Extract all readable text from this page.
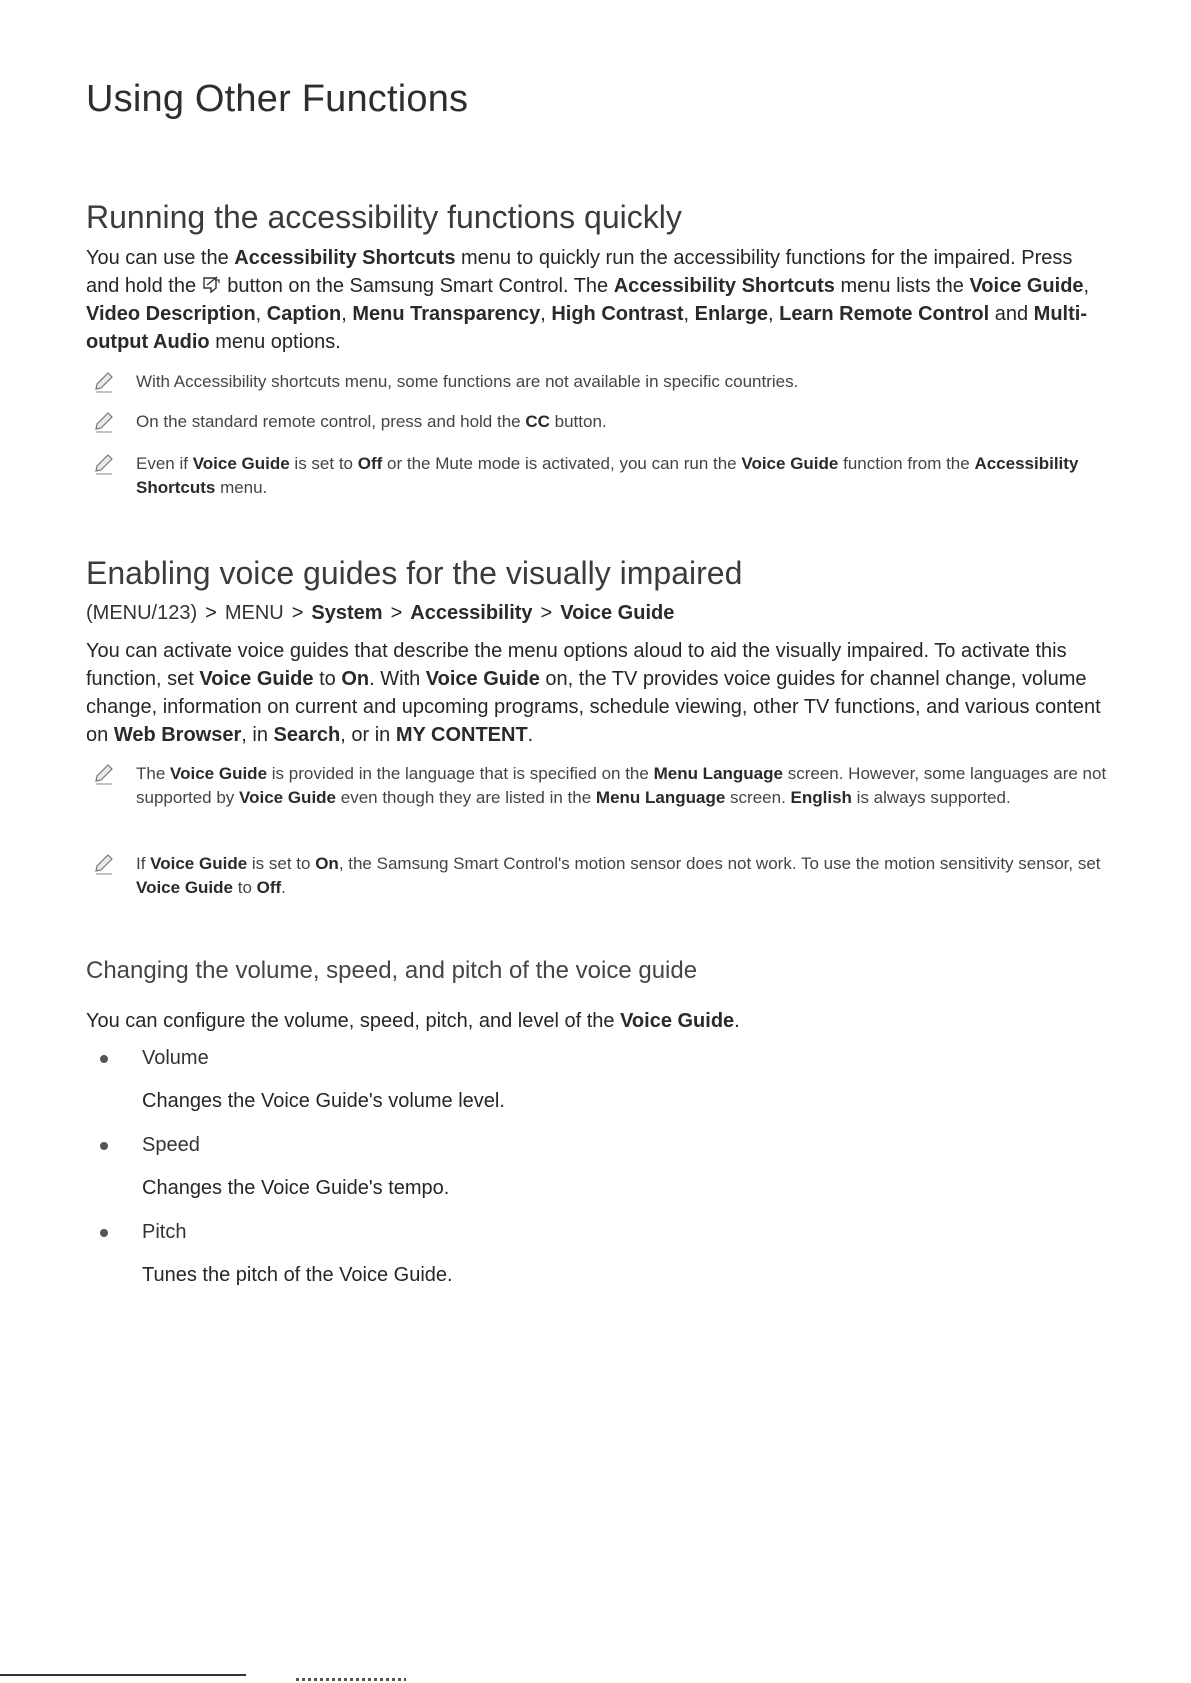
Using Other Functions
Running the accessibility functions quickly
You can use the Accessibility Shortcuts menu to quickly run the accessibility functions for the impaired. Press and hold the  button on the Samsung Smart Control. The Accessibility Shortcuts menu lists the Voice Guide, Video Description, Caption, Menu Transparency, High Contrast, Enlarge, Learn Remote Control and Multi-output Audio menu options.
With Accessibility shortcuts menu, some functions are not available in specific countries.
On the standard remote control, press and hold the CC button.
Even if Voice Guide is set to Off or the Mute mode is activated, you can run the Voice Guide function from the Accessibility Shortcuts menu.
Enabling voice guides for the visually impaired
(MENU/123) > MENU > System > Accessibility > Voice Guide
You can activate voice guides that describe the menu options aloud to aid the visually impaired. To activate this function, set Voice Guide to On. With Voice Guide on, the TV provides voice guides for channel change, volume change, information on current and upcoming programs, schedule viewing, other TV functions, and various content on Web Browser, in Search, or in MY CONTENT.
The Voice Guide is provided in the language that is specified on the Menu Language screen. However, some languages are not supported by Voice Guide even though they are listed in the Menu Language screen. English is always supported.
If Voice Guide is set to On, the Samsung Smart Control's motion sensor does not work. To use the motion sensitivity sensor, set Voice Guide to Off.
Changing the volume, speed, and pitch of the voice guide
You can configure the volume, speed, pitch, and level of the Voice Guide.
Volume
Changes the Voice Guide's volume level.
Speed
Changes the Voice Guide's tempo.
Pitch
Tunes the pitch of the Voice Guide.
